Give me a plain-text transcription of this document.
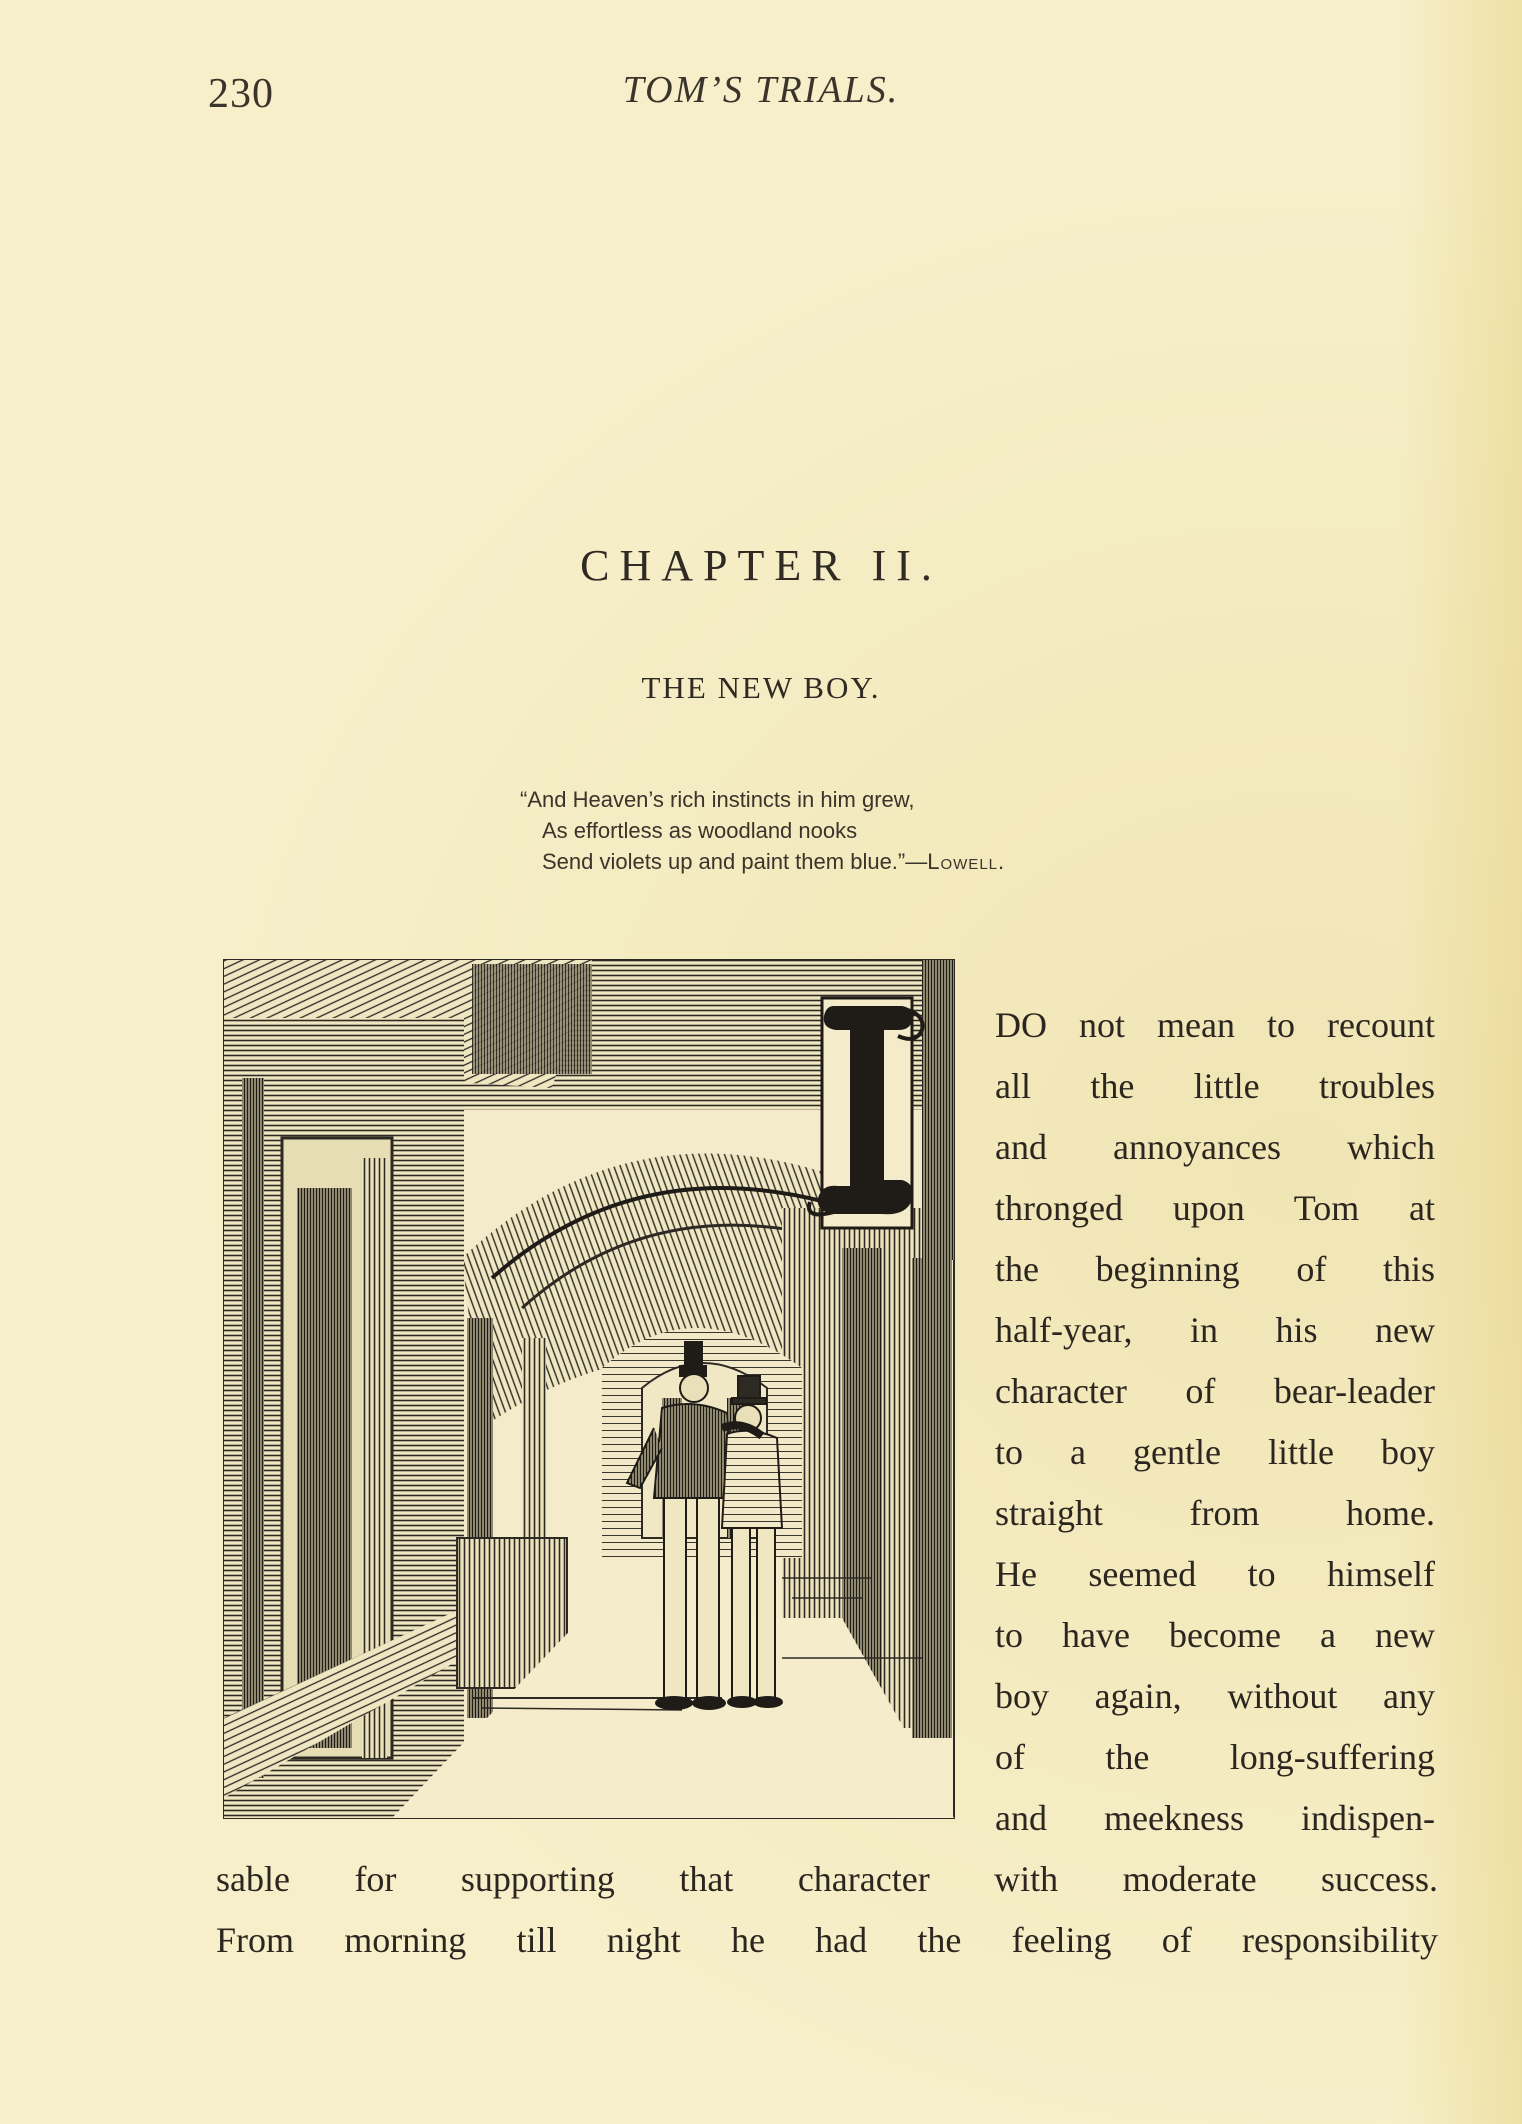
230	TOM’S TRIALS.
CHAPTER II.
THE NEW BOY.
“And Heaven’s rich instincts in him grew,
As effortless as woodland nooks
Send violets up and paint them blue.”—Lowell.
DO not mean to recount
all the little troubles
and annoyances which
thronged upon Tom at
the beginning of this
half-year, in his new
character of bear-leader
to a gentle little boy
straight from home.
He seemed to himself
to have become a new
boy again, without any
of the long-suffering
and meekness indispen-
sable for supporting that character with moderate success.
From morning till night he had the feeling of responsibility
